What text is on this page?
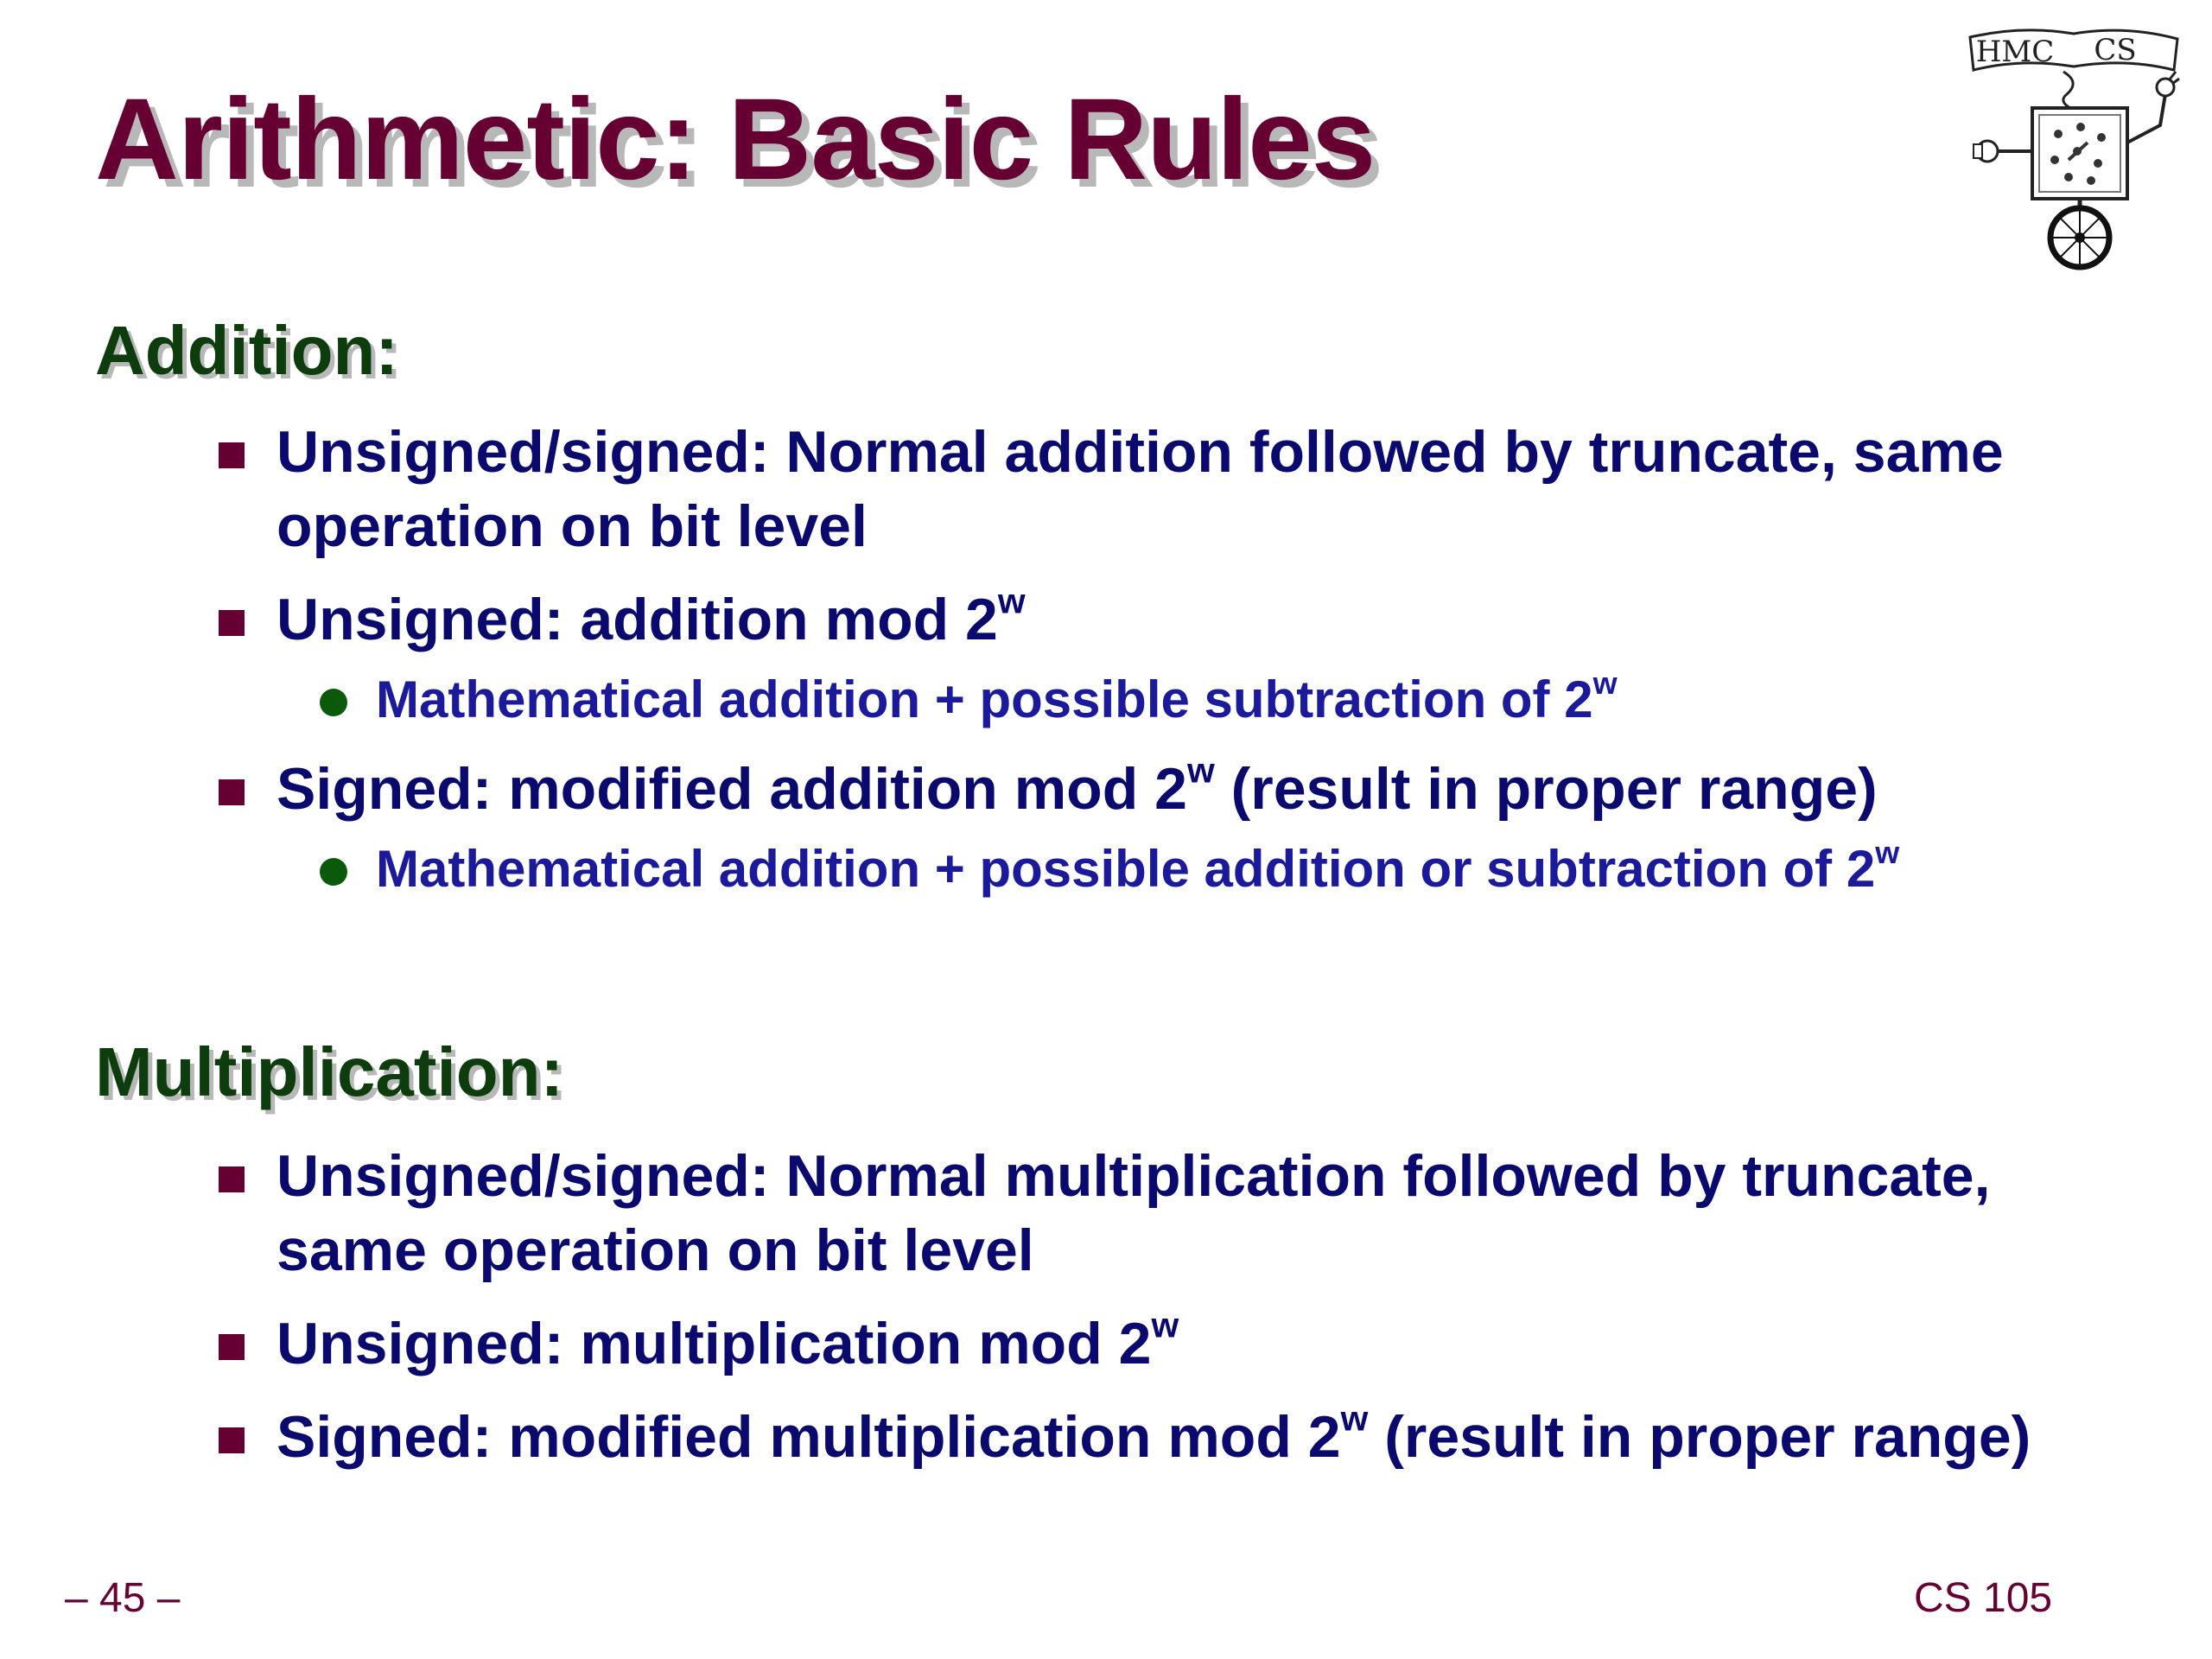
Arithmetic: Basic Rules
HMC CS
Addition:
Unsigned/signed: Normal addition followed by truncate, same operation on bit level
Unsigned: addition mod 2$^w$
Mathematical addition + possible subtraction of 2$^w$
Signed: modified addition mod 2$^w$ (result in proper range)
Mathematical addition + possible addition or subtraction of 2$^w$
Multiplication:
Unsigned/signed: Normal multiplication followed by truncate, same operation on bit level
Unsigned: multiplication mod 2$^w$
Signed: modified multiplication mod 2$^w$ (result in proper range)
– 45 –	CS 105
